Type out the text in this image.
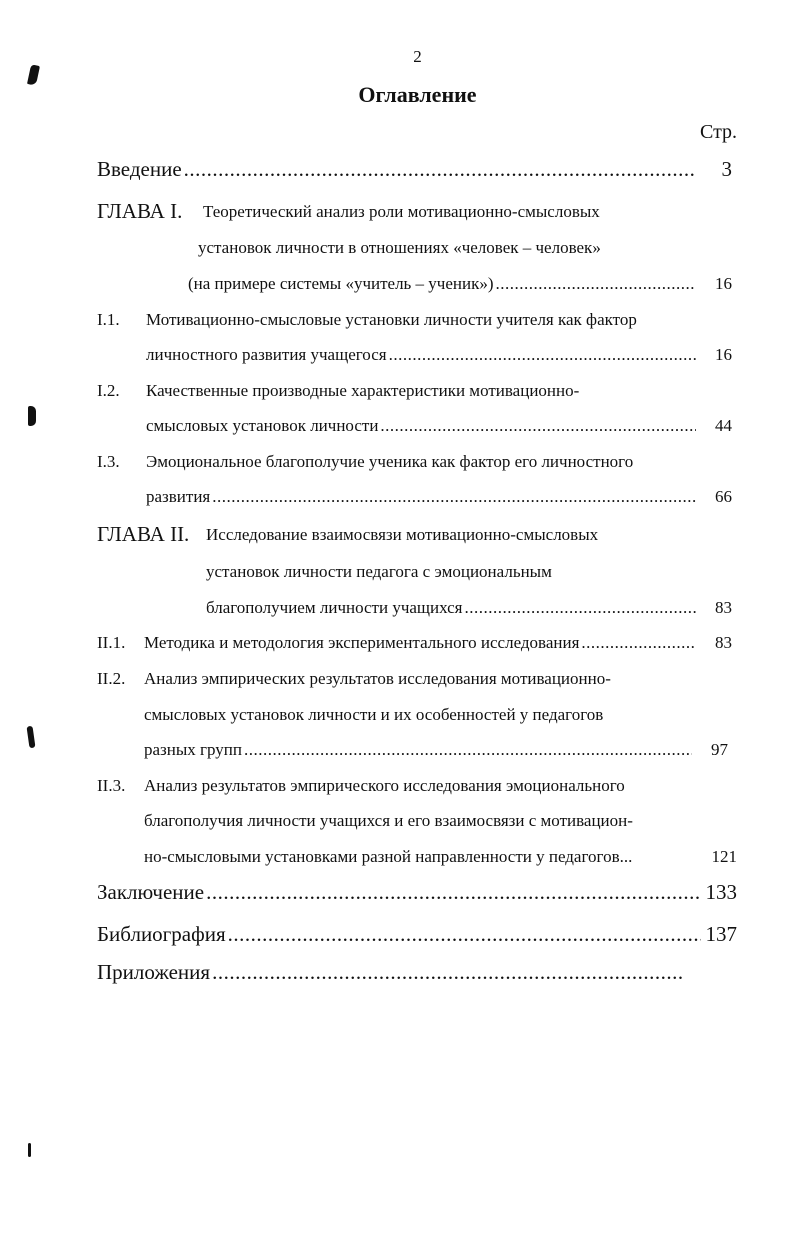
2
Оглавление
Стр.
Введение .....	3
ГЛАВА I. Теоретический анализ роли мотивационно-смысловых
установок личности в отношениях «человек – человек»
(на примере системы «учитель – ученик») .....	16
I.1. Мотивационно-смысловые установки личности учителя как фактор
личностного развития учащегося .....	16
I.2. Качественные производные характеристики мотивационно-
смысловых установок личности .....	44
I.3. Эмоциональное благополучие ученика как фактор его личностного
развития .....	66
ГЛАВА II. Исследование взаимосвязи мотивационно-смысловых
установок личности педагога с эмоциональным
благополучием личности учащихся .....	83
II.1. Методика и методология экспериментального исследования .....	83
II.2. Анализ эмпирических результатов исследования мотивационно-
смысловых установок личности и их особенностей у педагогов
разных групп .....	97
II.3. Анализ результатов эмпирического исследования эмоционального
благополучия личности учащихся и его взаимосвязи с мотивацион-
но-смысловыми установками разной направленности у педагогов...	121
Заключение .....	133
Библиография .....	137
Приложения
.....
